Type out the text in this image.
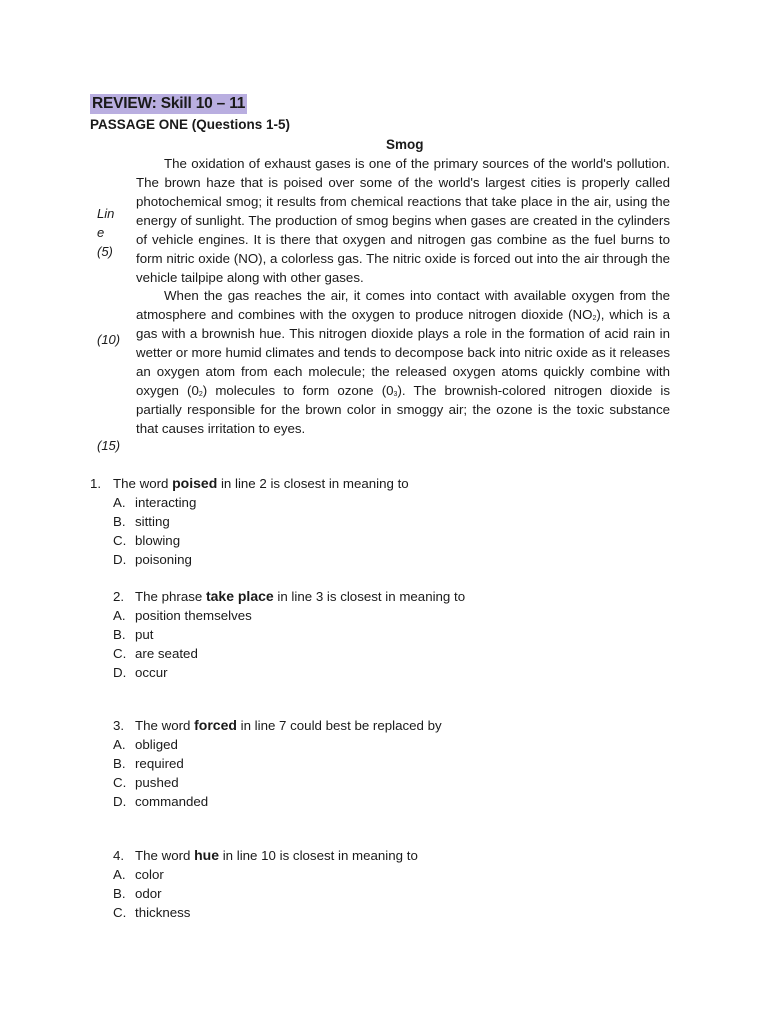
REVIEW: Skill 10 – 11
PASSAGE ONE (Questions 1-5)
Smog
Line
(5)
(10)
(15)
The oxidation of exhaust gases is one of the primary sources of the world's pollution. The brown haze that is poised over some of the world's largest cities is properly called photochemical smog; it results from chemical reactions that take place in the air, using the energy of sunlight. The production of smog begins when gases are created in the cylinders of vehicle engines. It is there that oxygen and nitrogen gas combine as the fuel burns to form nitric oxide (NO), a colorless gas. The nitric oxide is forced out into the air through the vehicle tailpipe along with other gases.
When the gas reaches the air, it comes into contact with available oxygen from the atmosphere and combines with the oxygen to produce nitrogen dioxide $(NO_2)$, which is a gas with a brownish hue. This nitrogen dioxide plays a role in the formation of acid rain in wetter or more humid climates and tends to decompose back into nitric oxide as it releases an oxygen atom from each molecule; the released oxygen atoms quickly combine with oxygen $(0_2)$ molecules to form ozone $(0_3)$. The brownish-colored nitrogen dioxide is partially responsible for the brown color in smoggy air; the ozone is the toxic substance that causes irritation to eyes.
1. The word poised in line 2 is closest in meaning to
A. interacting
B. sitting
C. blowing
D. poisoning
2. The phrase take place in line 3 is closest in meaning to
A. position themselves
B. put
C. are seated
D. occur
3. The word forced in line 7 could best be replaced by
A. obliged
B. required
C. pushed
D. commanded
4. The word hue in line 10 is closest in meaning to
A. color
B. odor
C. thickness
